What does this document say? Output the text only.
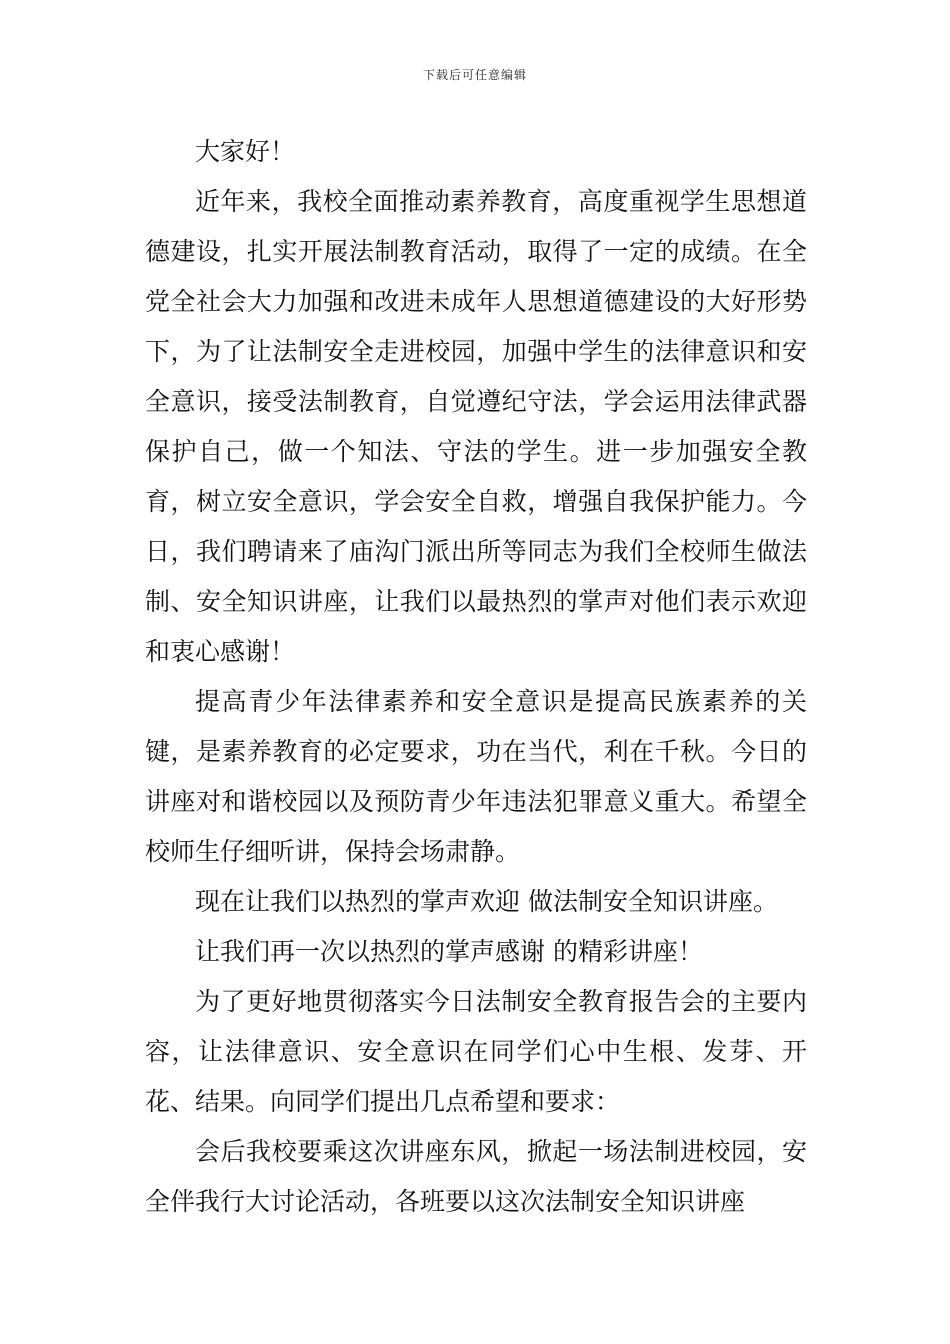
下载后可任意编辑

大家好！

近年来，我校全面推动素养教育，高度重视学生思想道德建设，扎实开展法制教育活动，取得了一定的成绩。在全党全社会大力加强和改进未成年人思想道德建设的大好形势下，为了让法制安全走进校园，加强中学生的法律意识和安全意识，接受法制教育，自觉遵纪守法，学会运用法律武器保护自己，做一个知法、守法的学生。进一步加强安全教育，树立安全意识，学会安全自救，增强自我保护能力。今日，我们聘请来了庙沟门派出所等同志为我们全校师生做法制、安全知识讲座，让我们以最热烈的掌声对他们表示欢迎和衷心感谢！

提高青少年法律素养和安全意识是提高民族素养的关键，是素养教育的必定要求，功在当代，利在千秋。今日的讲座对和谐校园以及预防青少年违法犯罪意义重大。希望全校师生仔细听讲，保持会场肃静。

现在让我们以热烈的掌声欢迎 做法制安全知识讲座。

让我们再一次以热烈的掌声感谢 的精彩讲座！

为了更好地贯彻落实今日法制安全教育报告会的主要内容，让法律意识、安全意识在同学们心中生根、发芽、开花、结果。向同学们提出几点希望和要求：

会后我校要乘这次讲座东风，掀起一场法制进校园，安全伴我行大讨论活动，各班要以这次法制安全知识讲座
